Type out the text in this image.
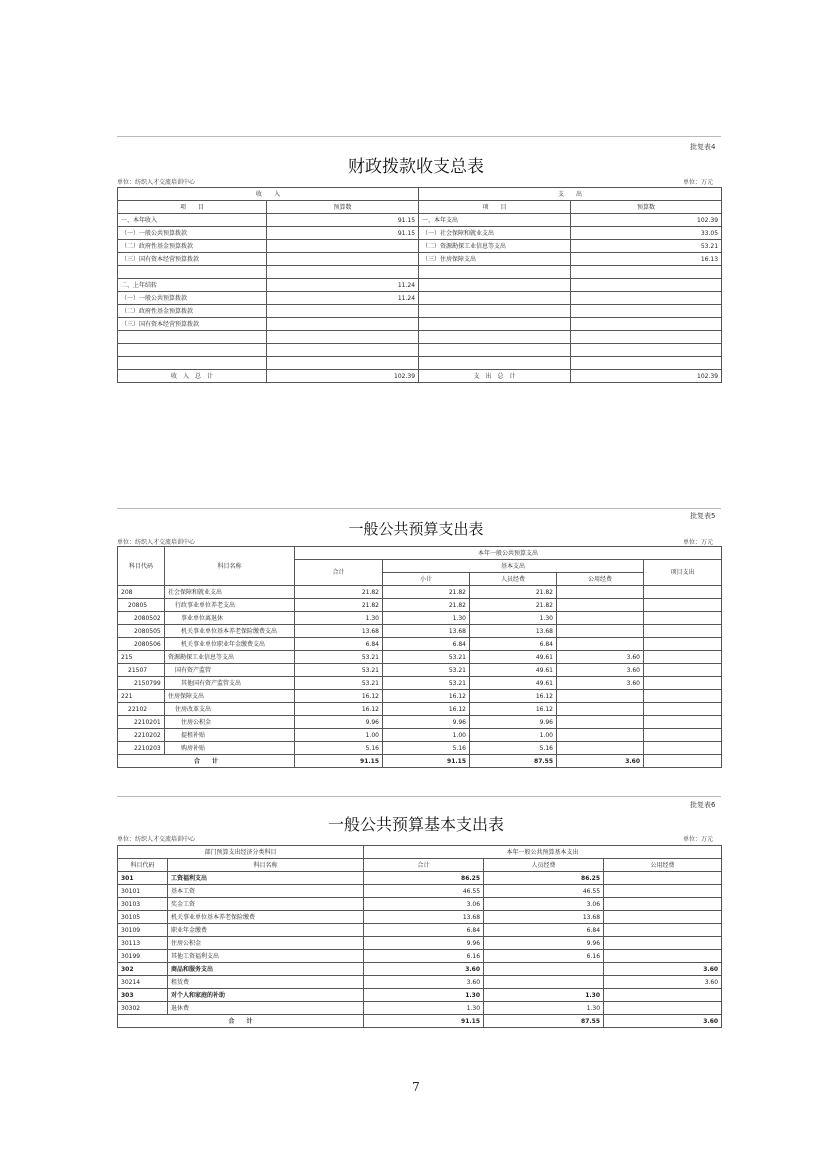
批复表4
财政拨款收支总表
单位：纺织人才交流培训中心	单位：万元
收　　入		支　　出	
项　　目	预算数	项　　目	预算数
一、本年收入	91.15	一、本年支出	102.39
（一）一般公共预算拨款	91.15	（一）社会保障和就业支出	33.05
（二）政府性基金预算拨款		（二）资源勘探工业信息等支出	53.21
（三）国有资本经营预算拨款		（三）住房保障支出	16.13

二、上年结转	11.24		
（一）一般公共预算拨款	11.24		
（二）政府性基金预算拨款			
（三）国有资本经营预算拨款			

收　入　总　计	102.39	支　出　总　计	102.39
批复表5
一般公共预算支出表
单位：纺织人才交流培训中心	单位：万元
科目代码	科目名称	本年一般公共预算支出				
		合计	基本支出			项目支出
			小计	人员经费	公用经费	
208	社会保障和就业支出	21.82	21.82	21.82		
20805	行政事业单位养老支出	21.82	21.82	21.82		
2080502	事业单位离退休	1.30	1.30	1.30		
2080505	机关事业单位基本养老保险缴费支出	13.68	13.68	13.68		
2080506	机关事业单位职业年金缴费支出	6.84	6.84	6.84		
215	资源勘探工业信息等支出	53.21	53.21	49.61	3.60	
21507	国有资产监管	53.21	53.21	49.61	3.60	
2150799	其他国有资产监管支出	53.21	53.21	49.61	3.60	
221	住房保障支出	16.12	16.12	16.12		
22102	住房改革支出	16.12	16.12	16.12		
2210201	住房公积金	9.96	9.96	9.96		
2210202	提租补贴	1.00	1.00	1.00		
2210203	购房补贴	5.16	5.16	5.16		
合　　计		91.15	91.15	87.55	3.60	
批复表6
一般公共预算基本支出表
单位：纺织人才交流培训中心	单位：万元
部门预算支出经济分类科目		本年一般公共预算基本支出		
科目代码	科目名称	合计	人员经费	公用经费
301	工资福利支出	86.25	86.25	
30101	基本工资	46.55	46.55	
30103	奖金工资	3.06	3.06	
30105	机关事业单位基本养老保险缴费	13.68	13.68	
30109	职业年金缴费	6.84	6.84	
30113	住房公积金	9.96	9.96	
30199	其他工资福利支出	6.16	6.16	
302	商品和服务支出	3.60		3.60
30214	租赁费	3.60		3.60
303	对个人和家庭的补助	1.30	1.30	
30302	退休费	1.30	1.30	
合　　计		91.15	87.55	3.60
7
